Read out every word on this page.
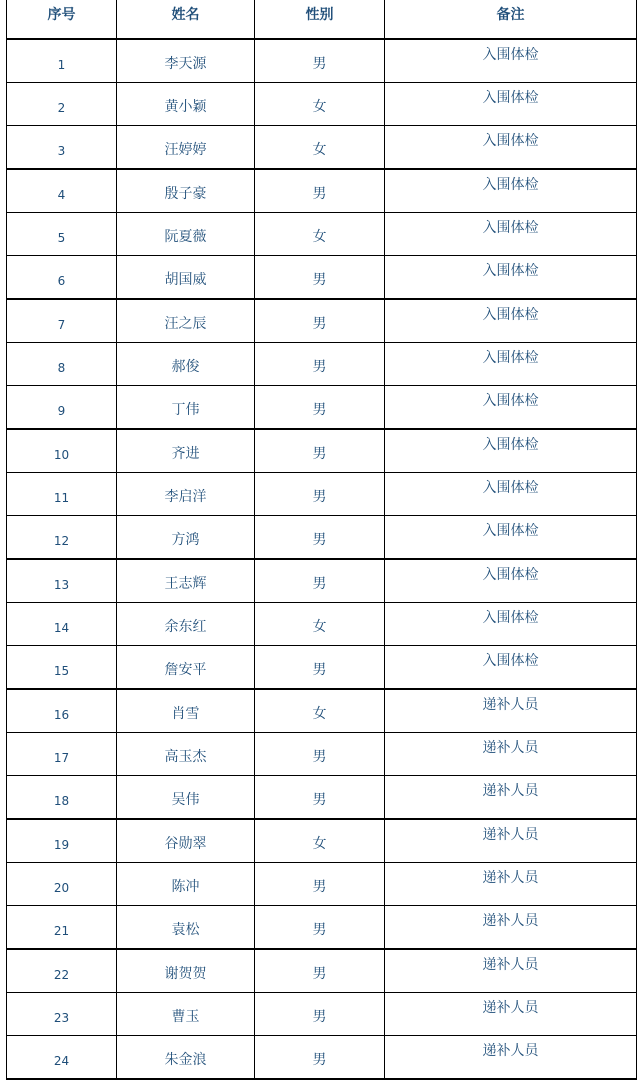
序号	姓名	性别	备注
1	李天源	男	入围体检
2	黄小颖	女	入围体检
3	汪婷婷	女	入围体检
4	殷子豪	男	入围体检
5	阮夏薇	女	入围体检
6	胡国威	男	入围体检
7	汪之辰	男	入围体检
8	郝俊	男	入围体检
9	丁伟	男	入围体检
10	齐进	男	入围体检
11	李启洋	男	入围体检
12	方鸿	男	入围体检
13	王志辉	男	入围体检
14	余东红	女	入围体检
15	詹安平	男	入围体检
16	肖雪	女	递补人员
17	高玉杰	男	递补人员
18	吴伟	男	递补人员
19	谷勋翠	女	递补人员
20	陈冲	男	递补人员
21	袁松	男	递补人员
22	谢贺贺	男	递补人员
23	曹玉	男	递补人员
24	朱金浪	男	递补人员
